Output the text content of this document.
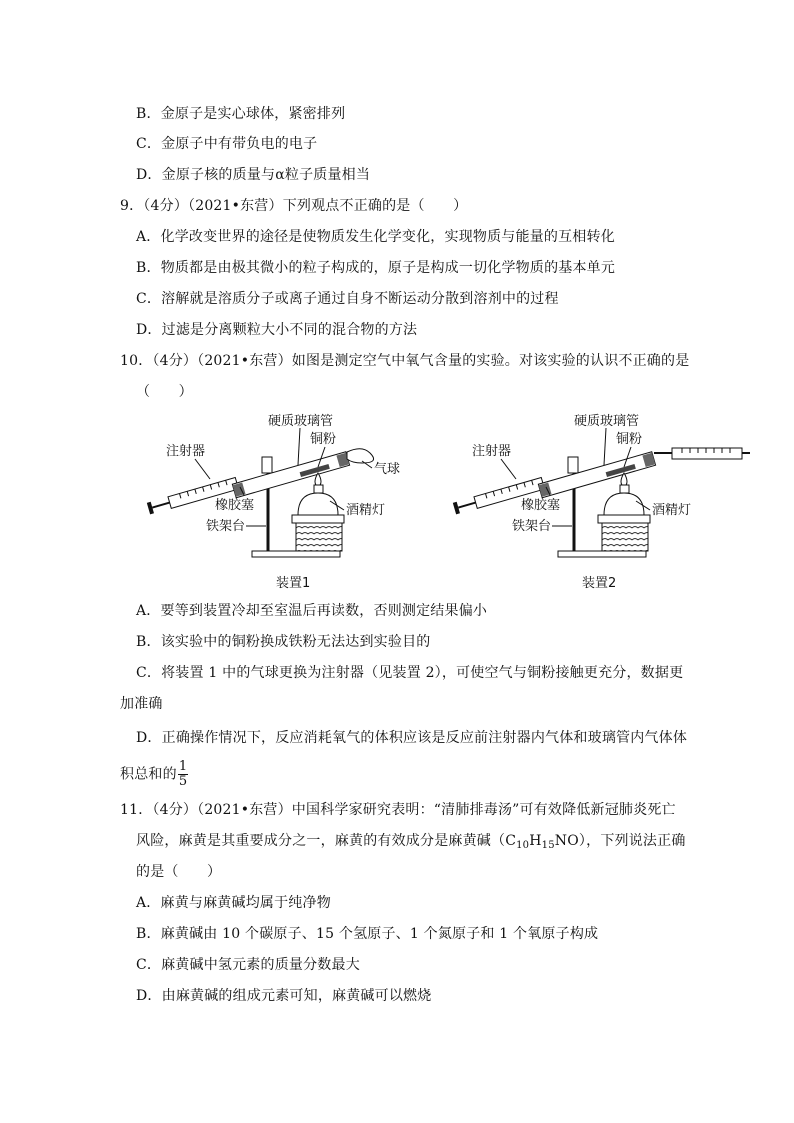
B．金原子是实心球体，紧密排列
C．金原子中有带负电的电子
D．金原子核的质量与α粒子质量相当
9．（4分）（2021•东营）下列观点不正确的是（　　）
A．化学改变世界的途径是使物质发生化学变化，实现物质与能量的互相转化
B．物质都是由极其微小的粒子构成的，原子是构成一切化学物质的基本单元
C．溶解就是溶质分子或离子通过自身不断运动分散到溶剂中的过程
D．过滤是分离颗粒大小不同的混合物的方法
10．（4分）（2021•东营）如图是测定空气中氧气含量的实验。对该实验的认识不正确的是
（　　）
硬质玻璃管
铜粉
注射器
气球
橡胶塞	酒精灯
铁架台
装置1
硬质玻璃管
铜粉
注射器
橡胶塞	酒精灯
铁架台
装置2
A．要等到装置冷却至室温后再读数，否则测定结果偏小
B．该实验中的铜粉换成铁粉无法达到实验目的
C．将装置 1 中的气球更换为注射器（见装置 2），可使空气与铜粉接触更充分，数据更
加准确
D．正确操作情况下，反应消耗氧气的体积应该是反应前注射器内气体和玻璃管内气体体
积总和的 $\frac{1}{5}$
11．（4分）（2021•东营）中国科学家研究表明：“清肺排毒汤”可有效降低新冠肺炎死亡
风险，麻黄是其重要成分之一，麻黄的有效成分是麻黄碱$(C_{10}H_{15}NO)$，下列说法正确
的是（　　）
A．麻黄与麻黄碱均属于纯净物
B．麻黄碱由 10 个碳原子、15 个氢原子、1 个氮原子和 1 个氧原子构成
C．麻黄碱中氢元素的质量分数最大
D．由麻黄碱的组成元素可知，麻黄碱可以燃烧
